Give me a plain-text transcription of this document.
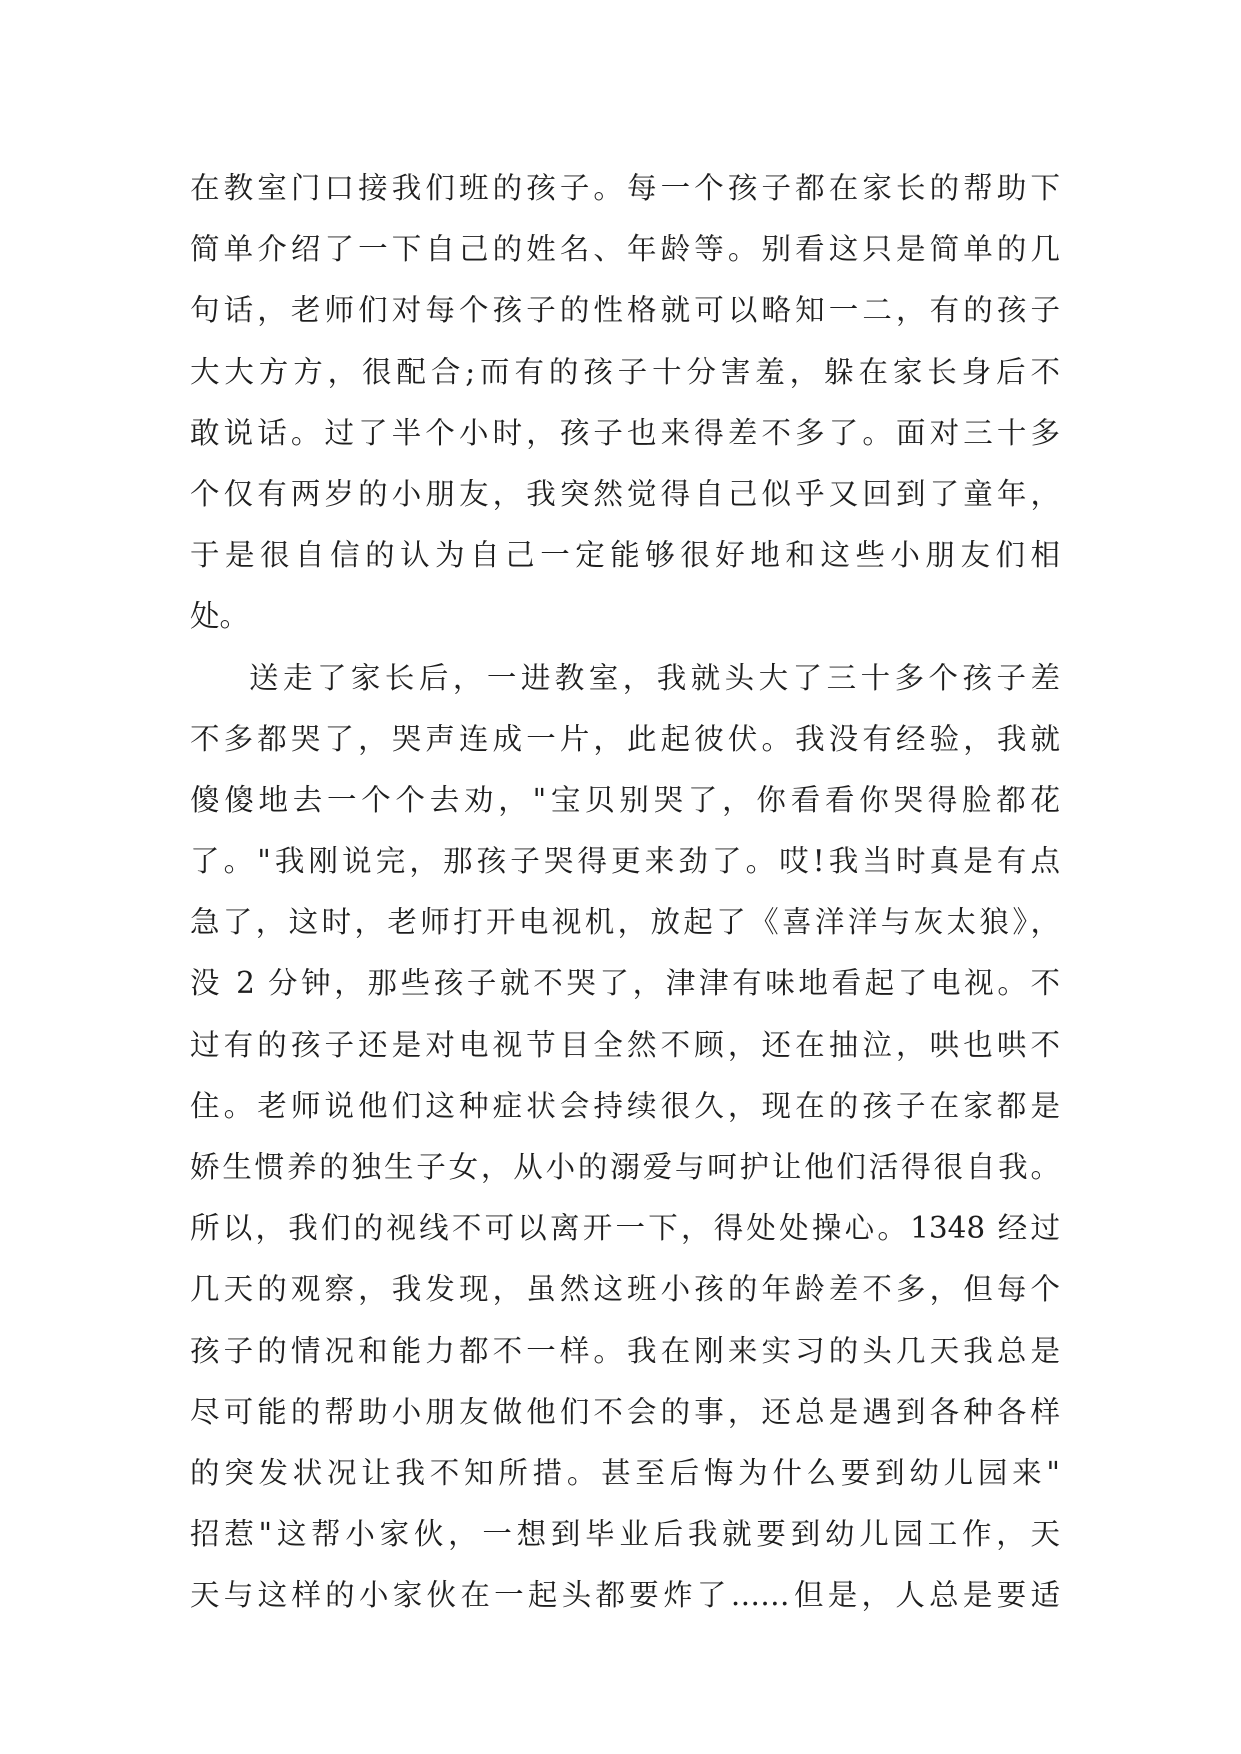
在教室门口接我们班的孩子。每一个孩子都在家长的帮助下
简单介绍了一下自己的姓名、年龄等。别看这只是简单的几
句话，老师们对每个孩子的性格就可以略知一二，有的孩子
大大方方，很配合;而有的孩子十分害羞，躲在家长身后不
敢说话。过了半个小时，孩子也来得差不多了。面对三十多
个仅有两岁的小朋友，我突然觉得自己似乎又回到了童年，
于是很自信的认为自己一定能够很好地和这些小朋友们相
处。
送走了家长后，一进教室，我就头大了三十多个孩子差
不多都哭了，哭声连成一片，此起彼伏。我没有经验，我就
傻傻地去一个个去劝，"宝贝别哭了，你看看你哭得脸都花
了。"我刚说完，那孩子哭得更来劲了。哎!我当时真是有点
急了，这时，老师打开电视机，放起了《喜洋洋与灰太狼》，
没 2 分钟，那些孩子就不哭了，津津有味地看起了电视。不
过有的孩子还是对电视节目全然不顾，还在抽泣，哄也哄不
住。老师说他们这种症状会持续很久，现在的孩子在家都是
娇生惯养的独生子女，从小的溺爱与呵护让他们活得很自我。
所以，我们的视线不可以离开一下，得处处操心。1348 经过
几天的观察，我发现，虽然这班小孩的年龄差不多，但每个
孩子的情况和能力都不一样。我在刚来实习的头几天我总是
尽可能的帮助小朋友做他们不会的事，还总是遇到各种各样
的突发状况让我不知所措。甚至后悔为什么要到幼儿园来"
招惹"这帮小家伙，一想到毕业后我就要到幼儿园工作，天
天与这样的小家伙在一起头都要炸了……但是，人总是要适
